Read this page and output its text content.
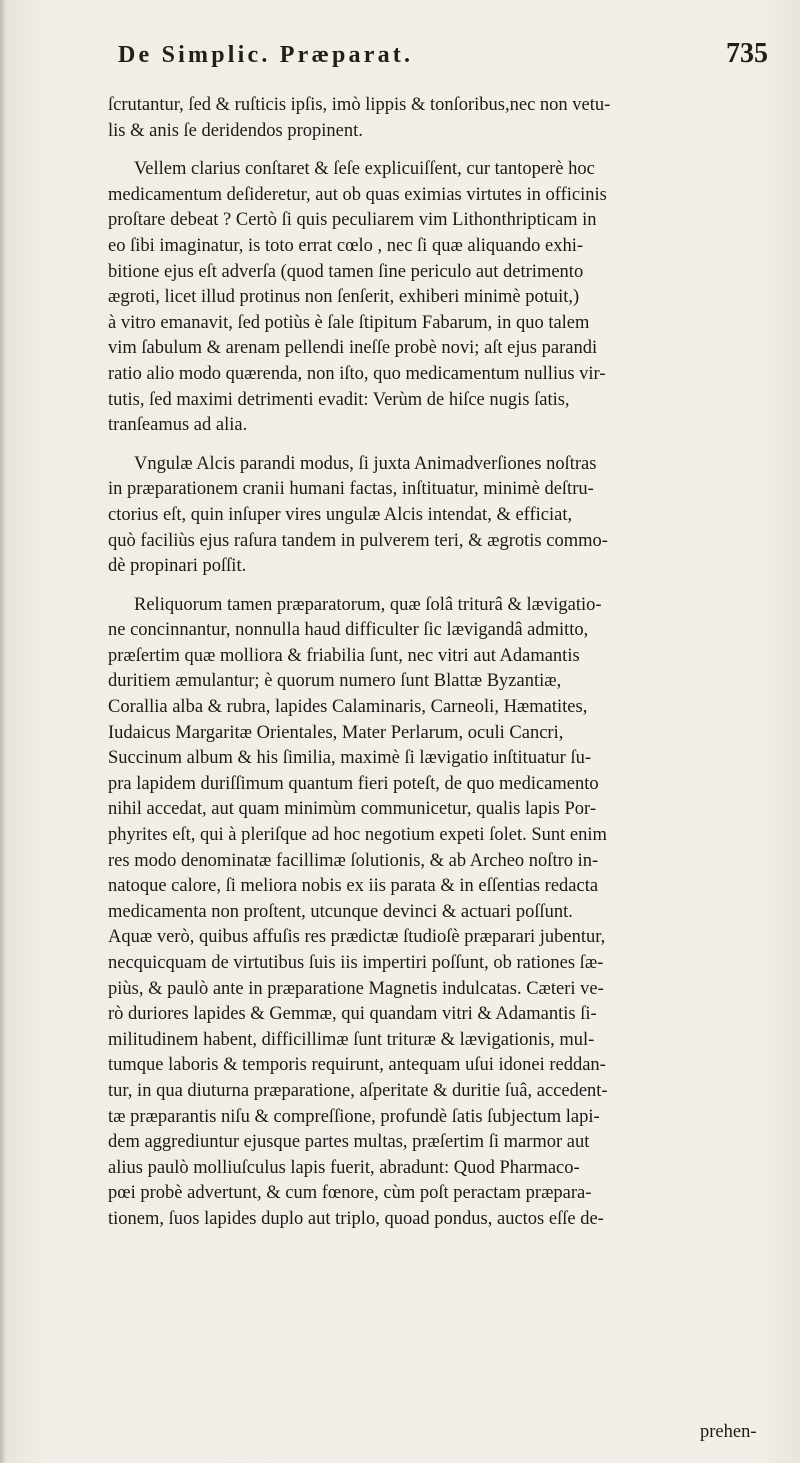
De Simplic. Præparat.	735
ſcrutantur, ſed & ruſticis ipſis, imò lippis & tonſoribus,nec non vetu-
lis & anis ſe deridendos propinent.
Vellem clarius conſtaret & ſeſe explicuiſſent, cur tantoperè hoc
medicamentum deſideretur, aut ob quas eximias virtutes in officinis
proſtare debeat ? Certò ſi quis peculiarem vim Lithonthripticam in
eo ſibi imaginatur, is toto errat cœlo , nec ſi quæ aliquando exhi-
bitione ejus eſt adverſa (quod tamen ſine periculo aut detrimento
ægroti, licet illud protinus non ſenſerit, exhiberi minimè potuit,)
à vitro emanavit, ſed potiùs è ſale ſtipitum Fabarum, in quo talem
vim ſabulum & arenam pellendi ineſſe probè novi; aſt ejus parandi
ratio alio modo quærenda, non iſto, quo medicamentum nullius vir-
tutis, ſed maximi detrimenti evadit: Verùm de hiſce nugis ſatis,
tranſeamus ad alia.
Vngulæ Alcis parandi modus, ſi juxta Animadverſiones noſtras
in præparationem cranii humani factas, inſtituatur, minimè deſtru-
ctorius eſt, quin inſuper vires ungulæ Alcis intendat, & efficiat,
quò faciliùs ejus raſura tandem in pulverem teri, & ægrotis commo-
dè propinari poſſit.
Reliquorum tamen præparatorum, quæ ſolâ triturâ & lævigatio-
ne concinnantur, nonnulla haud difficulter ſic lævigandâ admitto,
præſertim quæ molliora & friabilia ſunt, nec vitri aut Adamantis
duritiem æmulantur; è quorum numero ſunt Blattæ Byzantiæ,
Corallia alba & rubra, lapides Calaminaris, Carneoli, Hæmatites,
Iudaicus Margaritæ Orientales, Mater Perlarum, oculi Cancri,
Succinum album & his ſimilia, maximè ſi lævigatio inſtituatur ſu-
pra lapidem duriſſimum quantum fieri poteſt, de quo medicamento
nihil accedat, aut quam minimùm communicetur, qualis lapis Por-
phyrites eſt, qui à pleriſque ad hoc negotium expeti ſolet. Sunt enim
res modo denominatæ facillimæ ſolutionis, & ab Archeo noſtro in-
natoque calore, ſi meliora nobis ex iis parata & in eſſentias redacta
medicamenta non proſtent, utcunque devinci & actuari poſſunt.
Aquæ verò, quibus affuſis res prædictæ ſtudioſè præparari jubentur,
necquicquam de virtutibus ſuis iis impertiri poſſunt, ob rationes ſæ-
piùs, & paulò ante in præparatione Magnetis indulcatas. Cæteri ve-
rò duriores lapides & Gemmæ, qui quandam vitri & Adamantis ſi-
militudinem habent, difficillimæ ſunt trituræ & lævigationis, mul-
tumque laboris & temporis requirunt, antequam uſui idonei reddan-
tur, in qua diuturna præparatione, aſperitate & duritie ſuâ, accedent-
tæ præparantis niſu & compreſſione, profundè ſatis ſubjectum lapi-
dem aggrediuntur ejusque partes multas, præſertim ſi marmor aut
alius paulò molliuſculus lapis fuerit, abradunt: Quod Pharmaco-
pœi probè advertunt, & cum fœnore, cùm poſt peractam præpara-
tionem, ſuos lapides duplo aut triplo, quoad pondus, auctos eſſe de-
prehen-
